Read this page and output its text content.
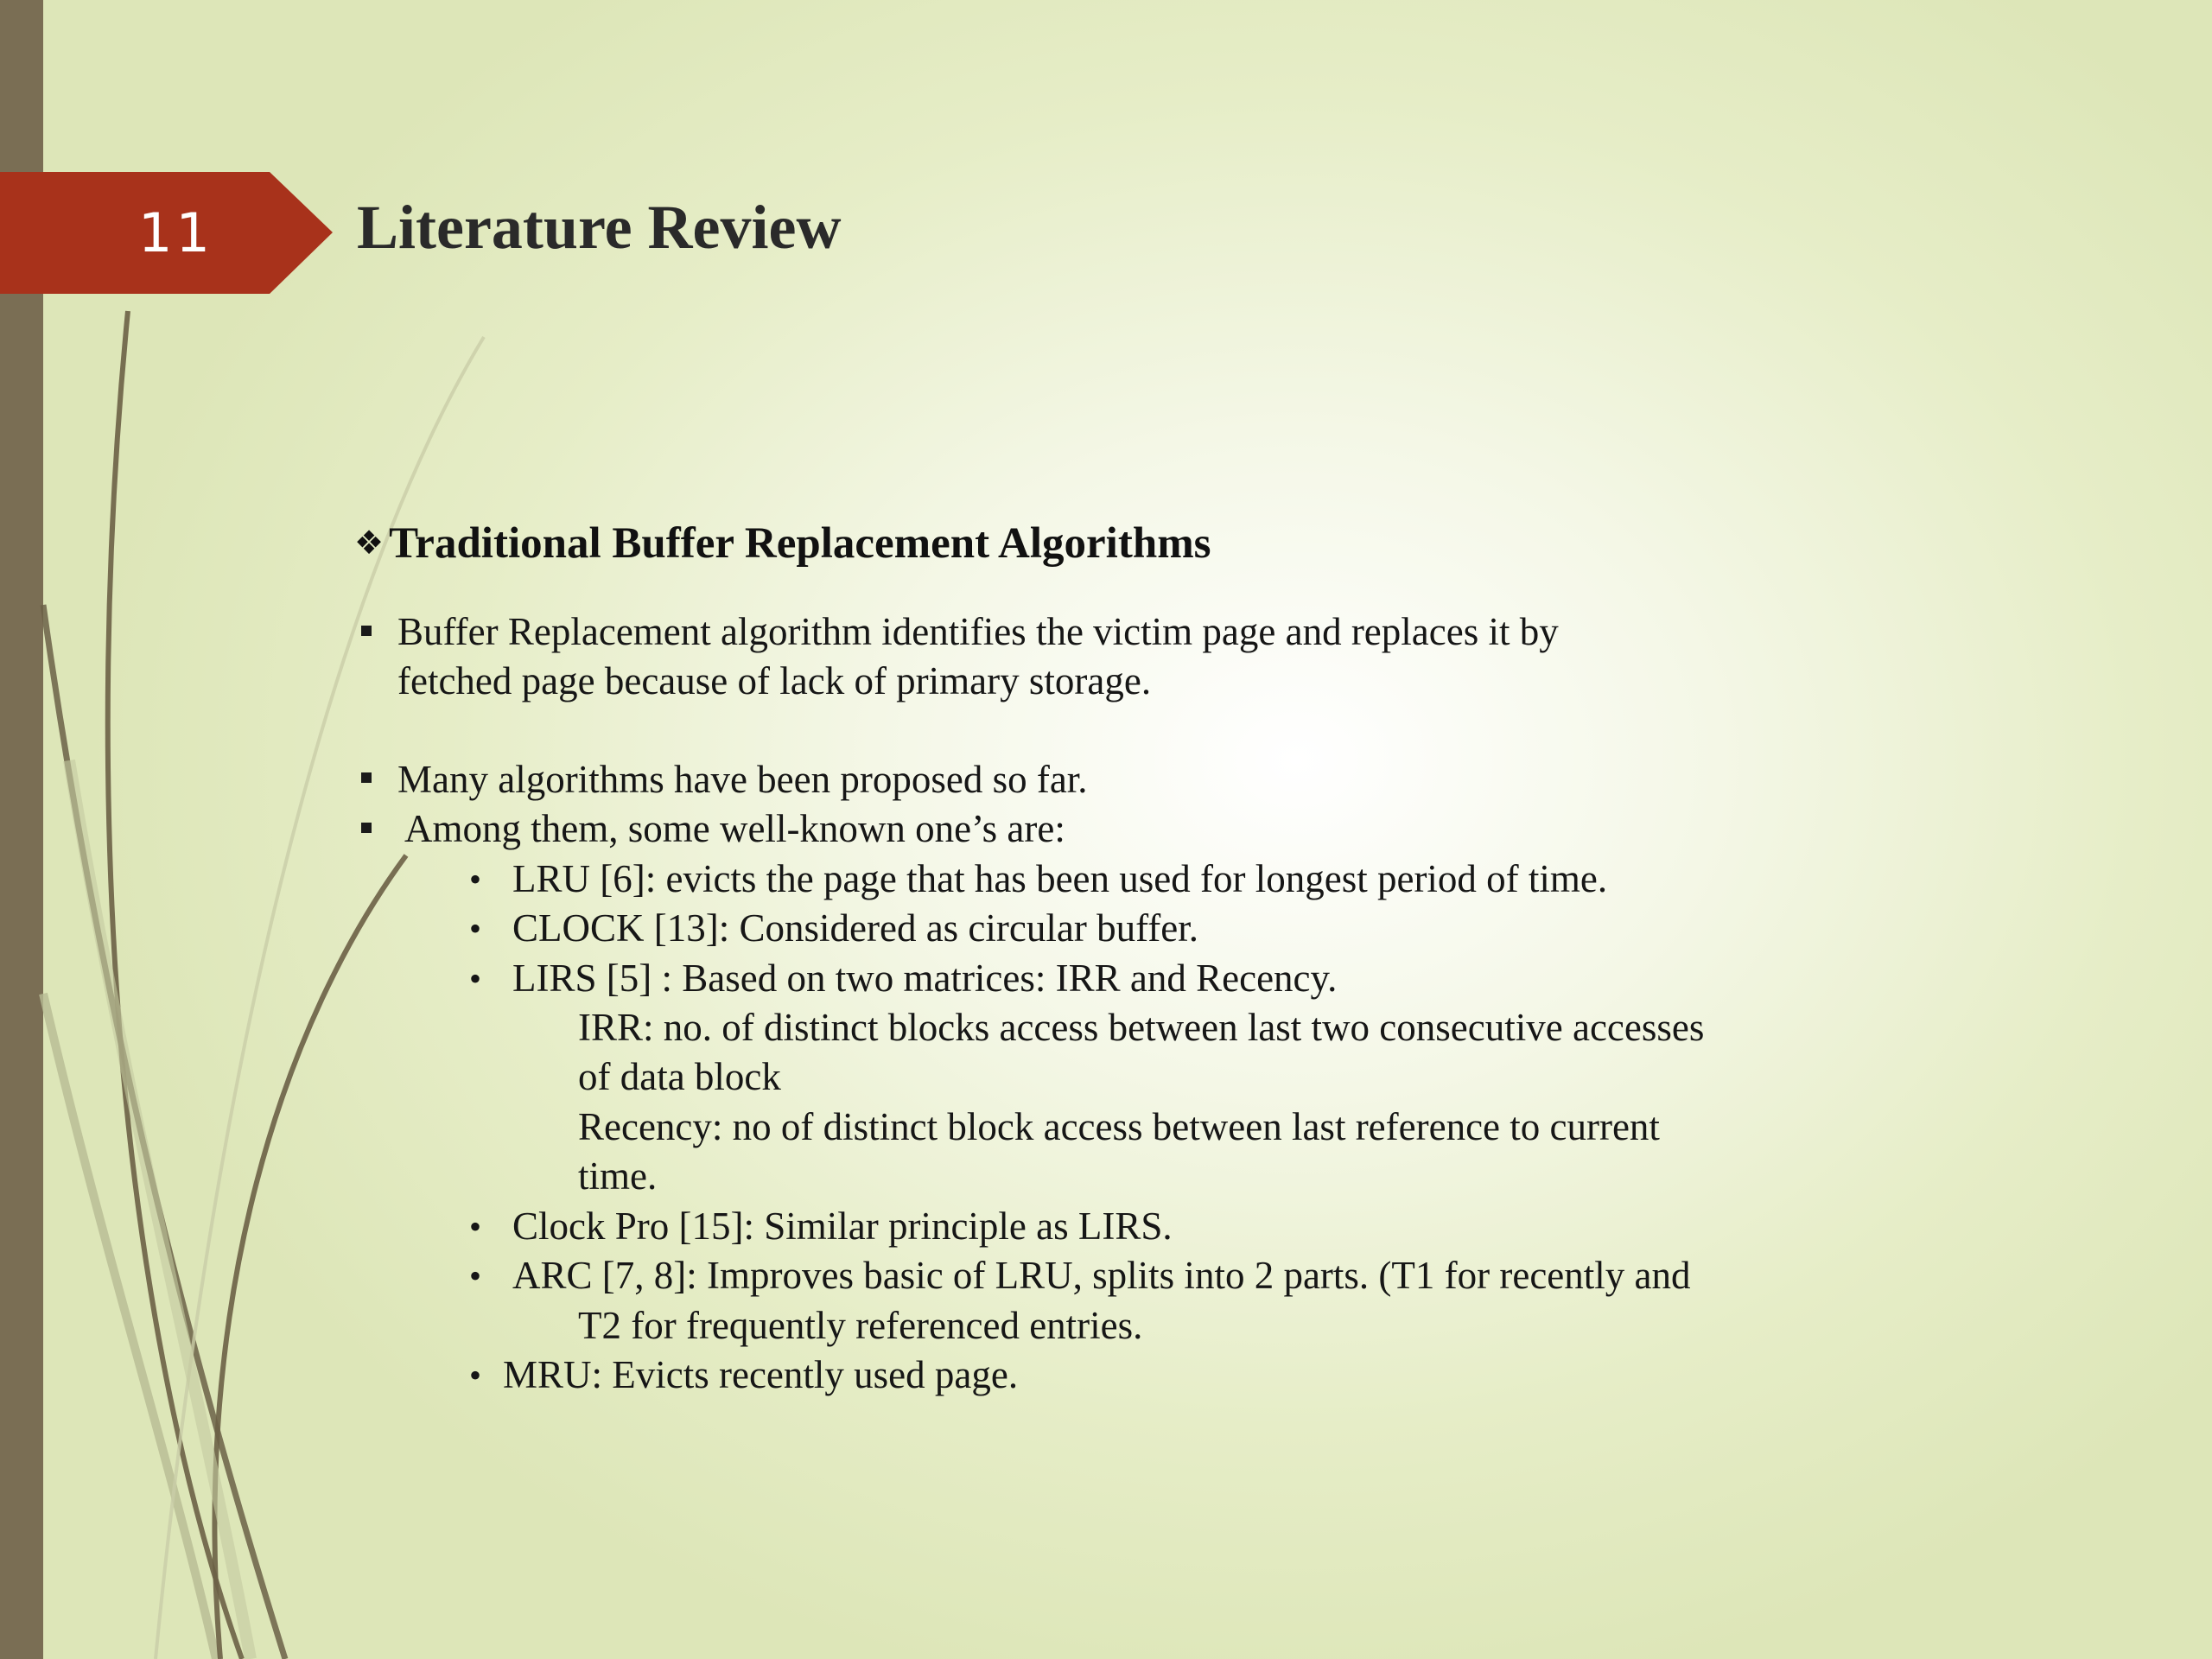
11	Literature Review
❖ Traditional Buffer Replacement Algorithms
Buffer Replacement algorithm identifies the victim page and replaces it by
fetched page because of lack of primary storage.
Many algorithms have been proposed so far.
Among them, some well-known one’s are:
• LRU [6]: evicts the page that has been used for longest period of time.
• CLOCK [13]: Considered as circular buffer.
• LIRS [5] : Based on two matrices: IRR and Recency.
IRR: no. of distinct blocks access between last two consecutive accesses
of data block
Recency: no of distinct block access between last reference to current
time.
• Clock Pro [15]: Similar principle as LIRS.
• ARC [7, 8]: Improves basic of LRU, splits into 2 parts. (T1 for recently and
T2 for frequently referenced entries.
• MRU: Evicts recently used page.
